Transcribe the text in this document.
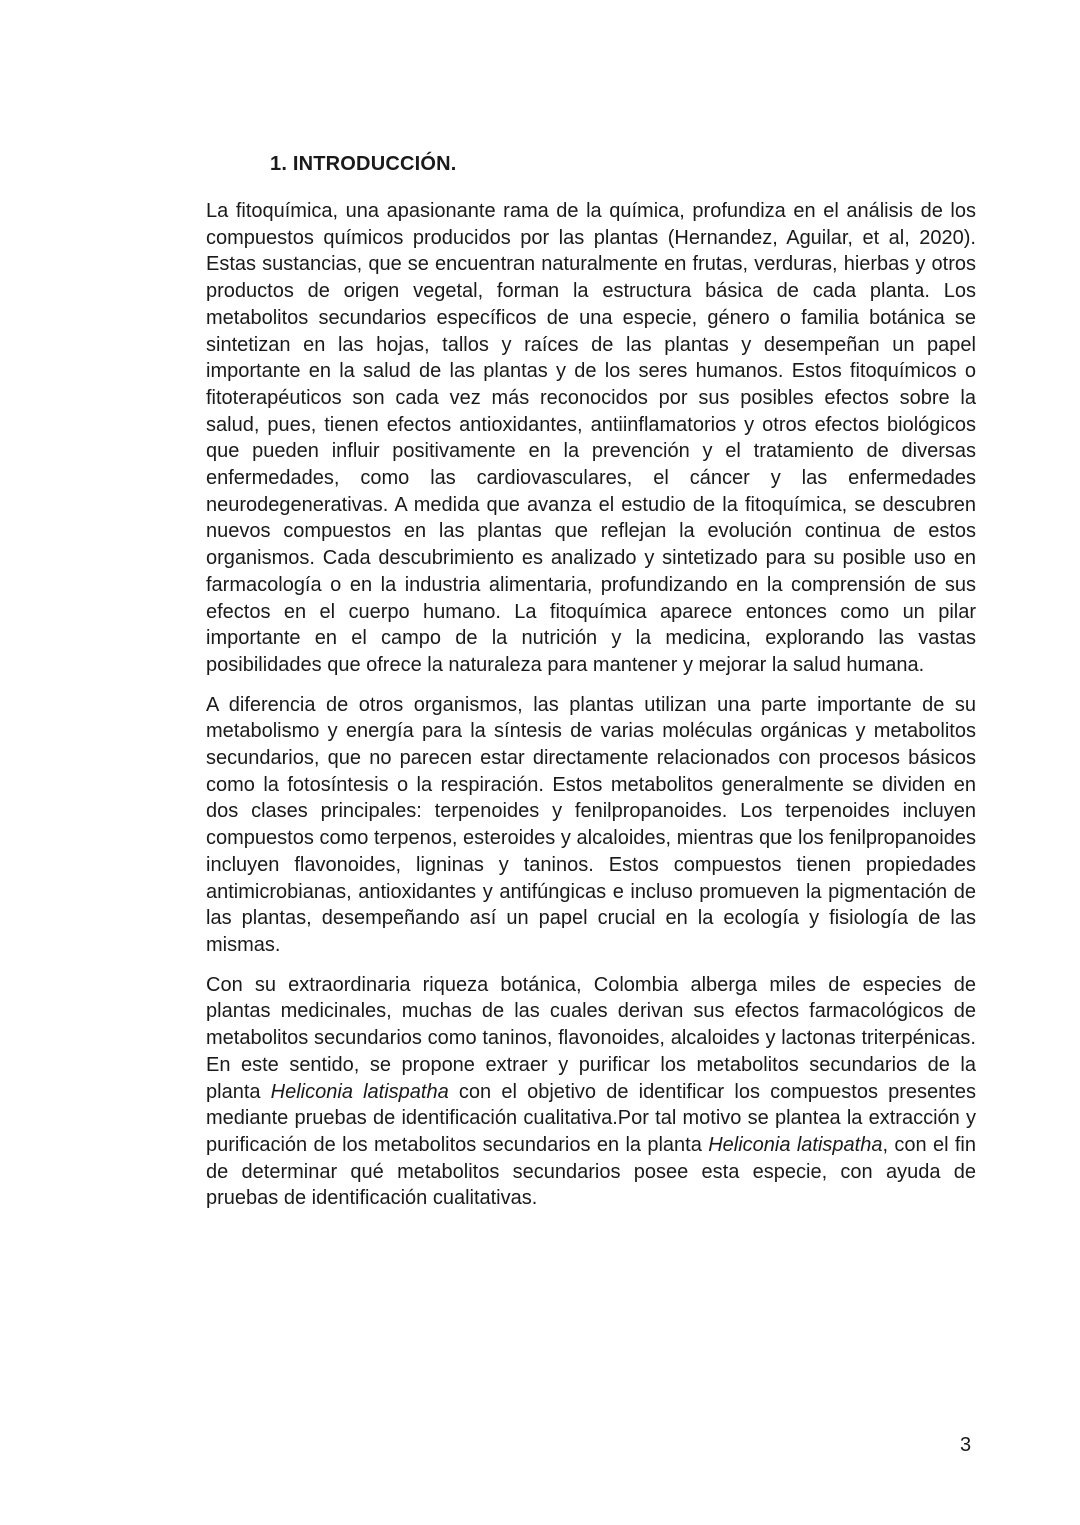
1. INTRODUCCIÓN.

La fitoquímica, una apasionante rama de la química, profundiza en el análisis de los compuestos químicos producidos por las plantas (Hernandez, Aguilar, et al, 2020). Estas sustancias, que se encuentran naturalmente en frutas, verduras, hierbas y otros productos de origen vegetal, forman la estructura básica de cada planta. Los metabolitos secundarios específicos de una especie, género o familia botánica se sintetizan en las hojas, tallos y raíces de las plantas y desempeñan un papel importante en la salud de las plantas y de los seres humanos. Estos fitoquímicos o fitoterapéuticos son cada vez más reconocidos por sus posibles efectos sobre la salud, pues, tienen efectos antioxidantes, antiinflamatorios y otros efectos biológicos que pueden influir positivamente en la prevención y el tratamiento de diversas enfermedades, como las cardiovasculares, el cáncer y las enfermedades neurodegenerativas. A medida que avanza el estudio de la fitoquímica, se descubren nuevos compuestos en las plantas que reflejan la evolución continua de estos organismos. Cada descubrimiento es analizado y sintetizado para su posible uso en farmacología o en la industria alimentaria, profundizando en la comprensión de sus efectos en el cuerpo humano. La fitoquímica aparece entonces como un pilar importante en el campo de la nutrición y la medicina, explorando las vastas posibilidades que ofrece la naturaleza para mantener y mejorar la salud humana.

A diferencia de otros organismos, las plantas utilizan una parte importante de su metabolismo y energía para la síntesis de varias moléculas orgánicas y metabolitos secundarios, que no parecen estar directamente relacionados con procesos básicos como la fotosíntesis o la respiración. Estos metabolitos generalmente se dividen en dos clases principales: terpenoides y fenilpropanoides. Los terpenoides incluyen compuestos como terpenos, esteroides y alcaloides, mientras que los fenilpropanoides incluyen flavonoides, ligninas y taninos. Estos compuestos tienen propiedades antimicrobianas, antioxidantes y antifúngicas e incluso promueven la pigmentación de las plantas, desempeñando así un papel crucial en la ecología y fisiología de las mismas.

Con su extraordinaria riqueza botánica, Colombia alberga miles de especies de plantas medicinales, muchas de las cuales derivan sus efectos farmacológicos de metabolitos secundarios como taninos, flavonoides, alcaloides y lactonas triterpénicas. En este sentido, se propone extraer y purificar los metabolitos secundarios de la planta Heliconia latispatha con el objetivo de identificar los compuestos presentes mediante pruebas de identificación cualitativa.Por tal motivo se plantea la extracción y purificación de los metabolitos secundarios en la planta Heliconia latispatha, con el fin de determinar qué metabolitos secundarios posee esta especie, con ayuda de pruebas de identificación cualitativas.

3
